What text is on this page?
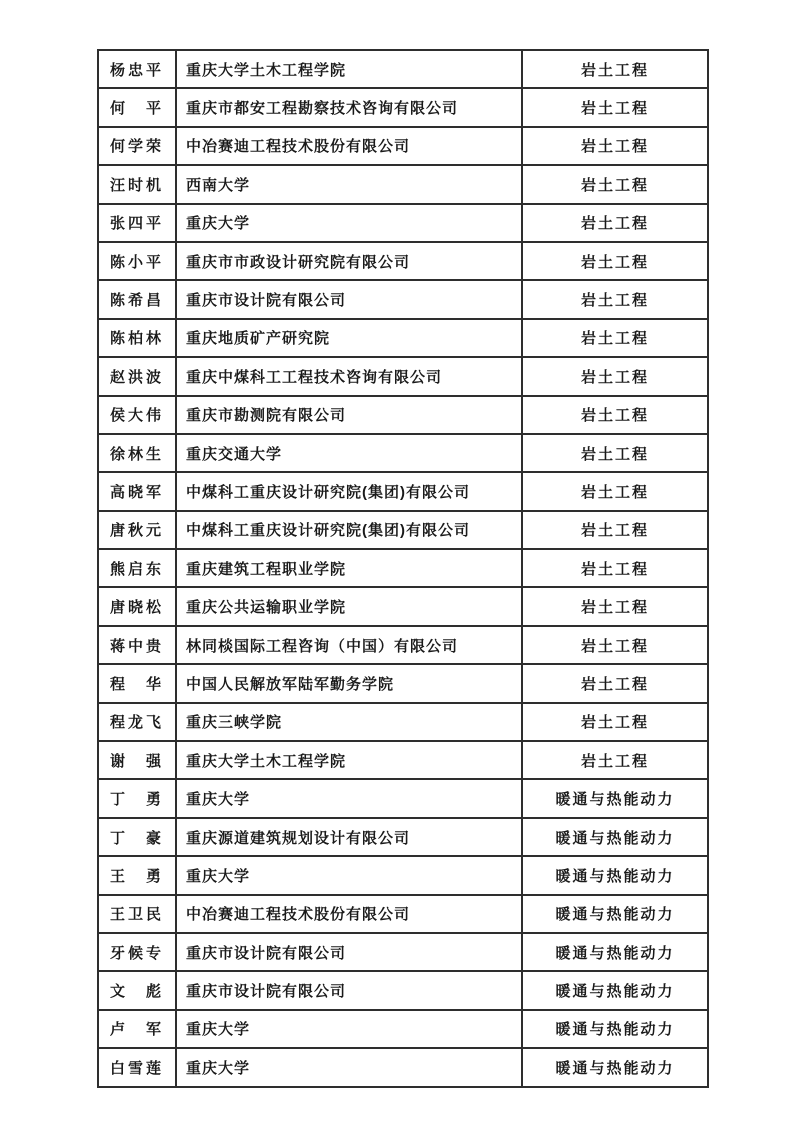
杨忠平	重庆大学土木工程学院	岩土工程
何　平	重庆市都安工程勘察技术咨询有限公司	岩土工程
何学荣	中冶赛迪工程技术股份有限公司	岩土工程
汪时机	西南大学	岩土工程
张四平	重庆大学	岩土工程
陈小平	重庆市市政设计研究院有限公司	岩土工程
陈希昌	重庆市设计院有限公司	岩土工程
陈柏林	重庆地质矿产研究院	岩土工程
赵洪波	重庆中煤科工工程技术咨询有限公司	岩土工程
侯大伟	重庆市勘测院有限公司	岩土工程
徐林生	重庆交通大学	岩土工程
高晓军	中煤科工重庆设计研究院(集团)有限公司	岩土工程
唐秋元	中煤科工重庆设计研究院(集团)有限公司	岩土工程
熊启东	重庆建筑工程职业学院	岩土工程
唐晓松	重庆公共运输职业学院	岩土工程
蒋中贵	林同棪国际工程咨询（中国）有限公司	岩土工程
程　华	中国人民解放军陆军勤务学院	岩土工程
程龙飞	重庆三峡学院	岩土工程
谢　强	重庆大学土木工程学院	岩土工程
丁　勇	重庆大学	暖通与热能动力
丁　豪	重庆源道建筑规划设计有限公司	暖通与热能动力
王　勇	重庆大学	暖通与热能动力
王卫民	中冶赛迪工程技术股份有限公司	暖通与热能动力
牙候专	重庆市设计院有限公司	暖通与热能动力
文　彪	重庆市设计院有限公司	暖通与热能动力
卢　军	重庆大学	暖通与热能动力
白雪莲	重庆大学	暖通与热能动力
